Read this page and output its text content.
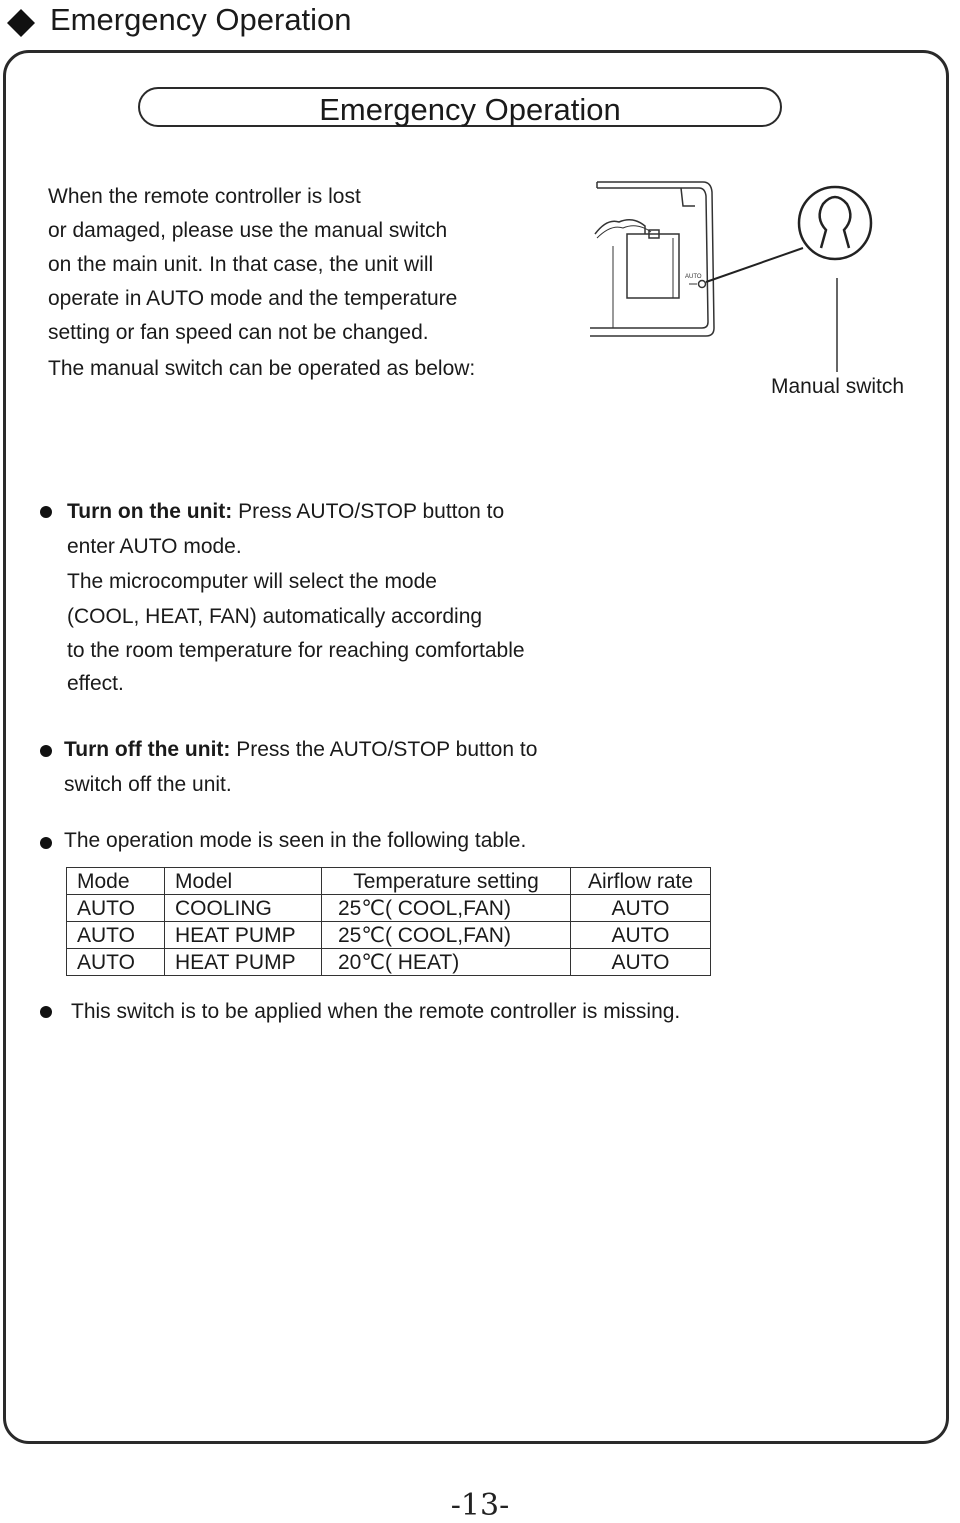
Emergency Operation
Emergency Operation
When the remote controller is lost
or damaged, please use the manual switch
on the main unit. In that case, the unit will
operate in AUTO mode and the temperature
setting or fan speed can not be changed.
The manual switch can be operated as below:
AUTO
Manual switch
Turn on the unit: Press AUTO/STOP button to
enter AUTO mode.
The microcomputer will select the mode
(COOL, HEAT, FAN) automatically according
to the room temperature for reaching comfortable
effect.
Turn off the unit: Press the AUTO/STOP button to
switch off the unit.
The operation mode is seen in the following table.
Mode	Model	Temperature setting	Airflow rate
AUTO	COOLING	25℃( COOL,FAN)	AUTO
AUTO	HEAT PUMP	25℃( COOL,FAN)	AUTO
AUTO	HEAT PUMP	20℃( HEAT)	AUTO
This switch is to be applied when the remote controller is missing.
-13-
